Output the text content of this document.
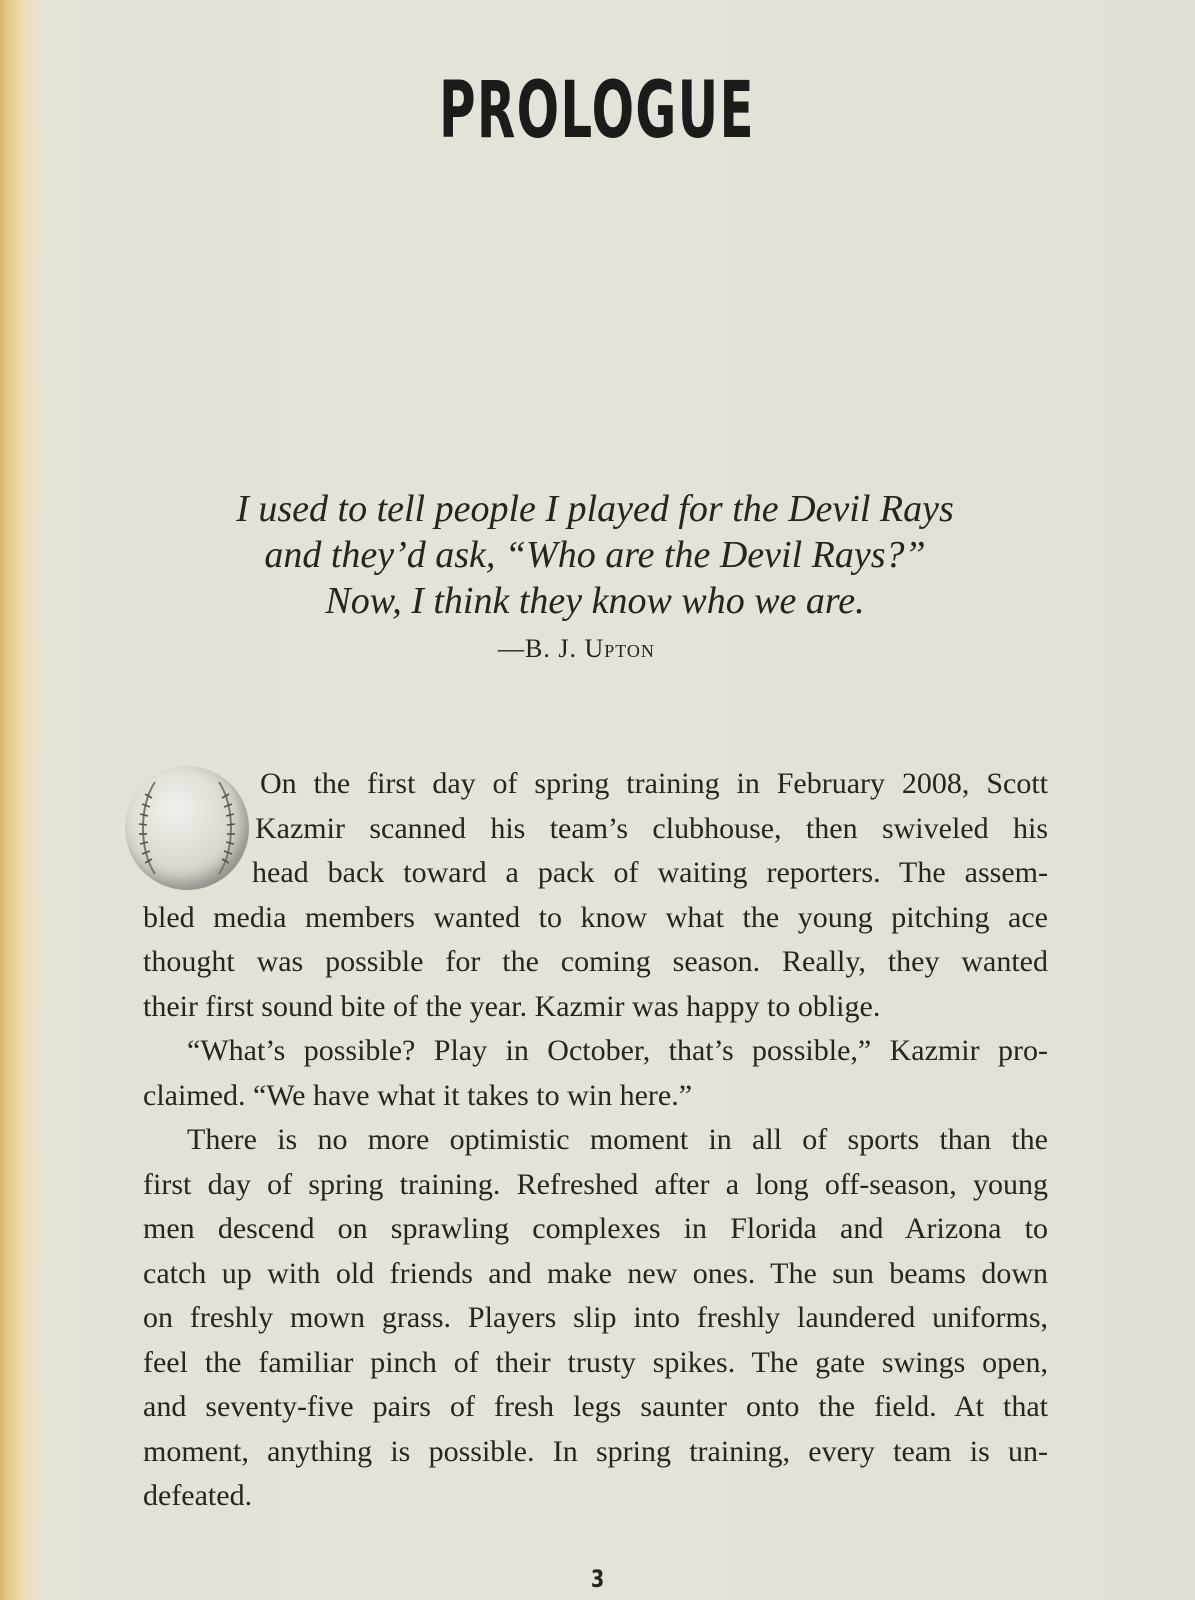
PROLOGUE
I used to tell people I played for the Devil Rays
and they’d ask, “Who are the Devil Rays?”
Now, I think they know who we are.
—B. J. Upton
On the first day of spring training in February 2008, Scott
Kazmir scanned his team’s clubhouse, then swiveled his
head back toward a pack of waiting reporters. The assem-
bled media members wanted to know what the young pitching ace
thought was possible for the coming season. Really, they wanted
their first sound bite of the year. Kazmir was happy to oblige.
“What’s possible? Play in October, that’s possible,” Kazmir pro-
claimed. “We have what it takes to win here.”
There is no more optimistic moment in all of sports than the
first day of spring training. Refreshed after a long off-season, young
men descend on sprawling complexes in Florida and Arizona to
catch up with old friends and make new ones. The sun beams down
on freshly mown grass. Players slip into freshly laundered uniforms,
feel the familiar pinch of their trusty spikes. The gate swings open,
and seventy-five pairs of fresh legs saunter onto the field. At that
moment, anything is possible. In spring training, every team is un-
defeated.
3
